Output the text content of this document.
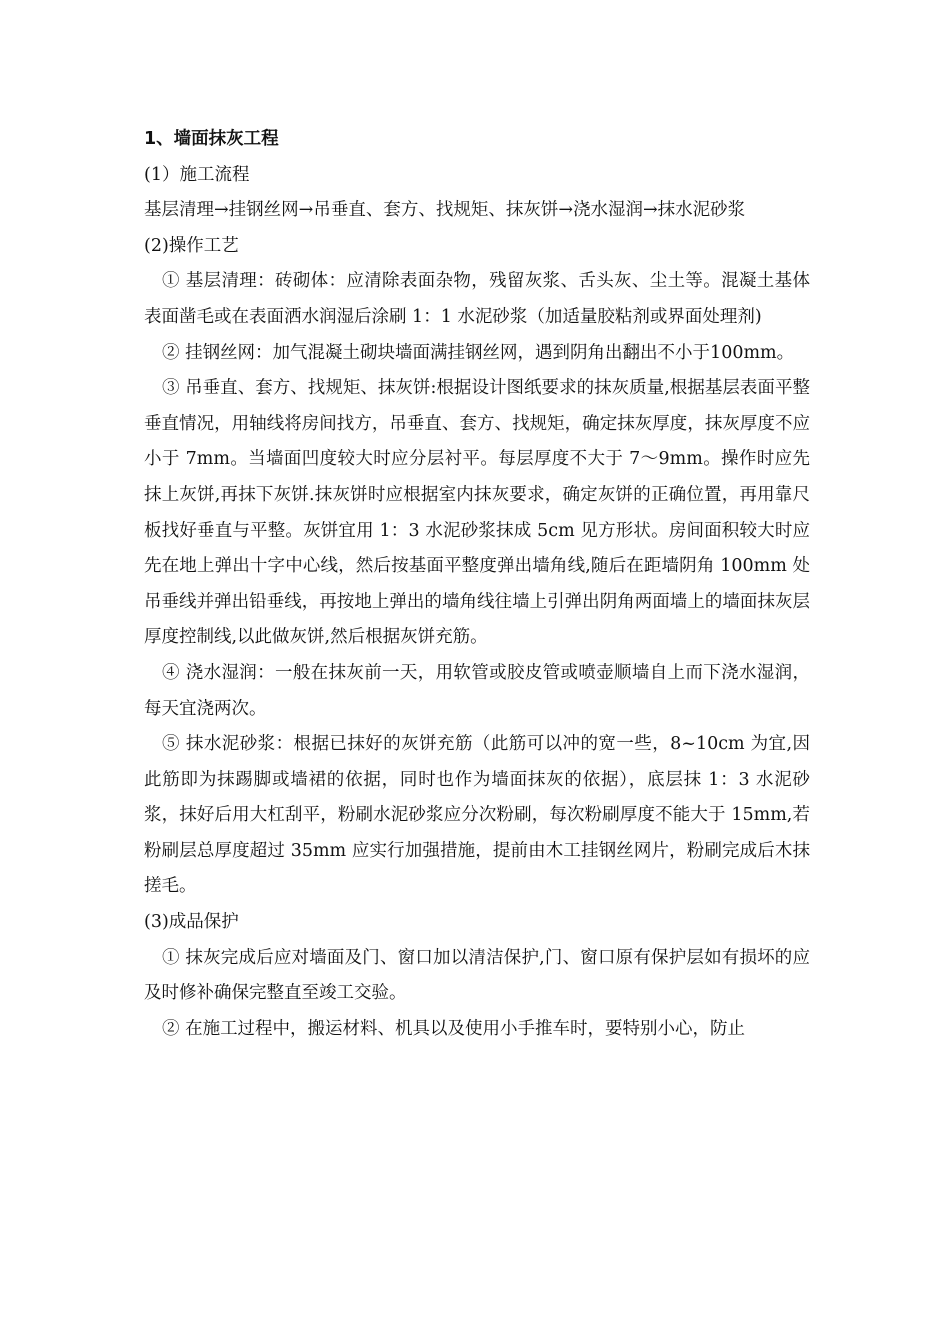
1、墙面抹灰工程

(1）施工流程

基层清理→挂钢丝网→吊垂直、套方、找规矩、抹灰饼→浇水湿润→抹水泥砂浆

(2)操作工艺

① 基层清理：砖砌体：应清除表面杂物，残留灰浆、舌头灰、尘土等。混凝土基体表面凿毛或在表面洒水润湿后涂刷 1：1 水泥砂浆（加适量胶粘剂或界面处理剂)

② 挂钢丝网：加气混凝土砌块墙面满挂钢丝网，遇到阴角出翻出不小于100mm。

③ 吊垂直、套方、找规矩、抹灰饼:根据设计图纸要求的抹灰质量,根据基层表面平整垂直情况，用轴线将房间找方，吊垂直、套方、找规矩，确定抹灰厚度，抹灰厚度不应小于 7mm。当墙面凹度较大时应分层衬平。每层厚度不大于 7～9mm。操作时应先抹上灰饼,再抹下灰饼.抹灰饼时应根据室内抹灰要求，确定灰饼的正确位置，再用靠尺板找好垂直与平整。灰饼宜用 1：3 水泥砂浆抹成 5cm 见方形状。房间面积较大时应先在地上弹出十字中心线，然后按基面平整度弹出墙角线,随后在距墙阴角 100mm 处吊垂线并弹出铅垂线，再按地上弹出的墙角线往墙上引弹出阴角两面墙上的墙面抹灰层厚度控制线,以此做灰饼,然后根据灰饼充筋。

④ 浇水湿润：一般在抹灰前一天，用软管或胶皮管或喷壶顺墙自上而下浇水湿润，每天宜浇两次。

⑤ 抹水泥砂浆：根据已抹好的灰饼充筋（此筋可以冲的宽一些，8~10cm 为宜,因此筋即为抹踢脚或墙裙的依据，同时也作为墙面抹灰的依据），底层抹 1：3 水泥砂浆，抹好后用大杠刮平，粉刷水泥砂浆应分次粉刷，每次粉刷厚度不能大于 15mm,若粉刷层总厚度超过 35mm 应实行加强措施，提前由木工挂钢丝网片，粉刷完成后木抹搓毛。

(3)成品保护

① 抹灰完成后应对墙面及门、窗口加以清洁保护,门、窗口原有保护层如有损坏的应及时修补确保完整直至竣工交验。

② 在施工过程中，搬运材料、机具以及使用小手推车时，要特别小心，防止
